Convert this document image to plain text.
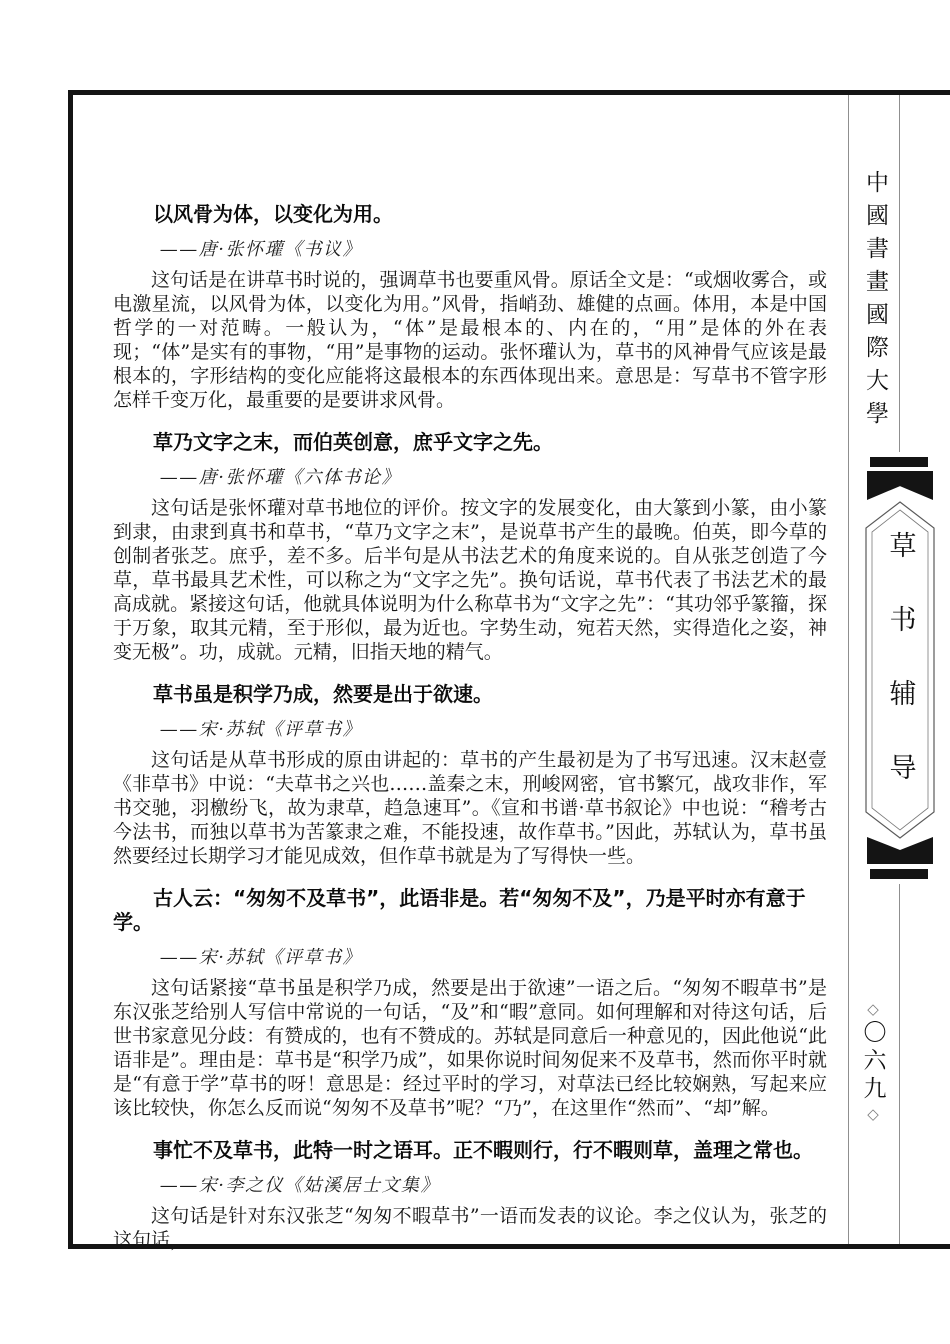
以风骨为体，以变化为用。

——唐·张怀瓘《书议》

这句话是在讲草书时说的，强调草书也要重风骨。原话全文是：“或烟收雾合，或电激星流，以风骨为体，以变化为用。”风骨，指峭劲、雄健的点画。体用，本是中国哲学的一对范畴。一般认为，“体”是最根本的、内在的，“用”是体的外在表现；“体”是实有的事物，“用”是事物的运动。张怀瓘认为，草书的风神骨气应该是最根本的，字形结构的变化应能将这最根本的东西体现出来。意思是：写草书不管字形怎样千变万化，最重要的是要讲求风骨。

草乃文字之末，而伯英创意，庶乎文字之先。

——唐·张怀瓘《六体书论》

这句话是张怀瓘对草书地位的评价。按文字的发展变化，由大篆到小篆，由小篆到隶，由隶到真书和草书，“草乃文字之末”，是说草书产生的最晚。伯英，即今草的创制者张芝。庶乎，差不多。后半句是从书法艺术的角度来说的。自从张芝创造了今草，草书最具艺术性，可以称之为“文字之先”。换句话说，草书代表了书法艺术的最高成就。紧接这句话，他就具体说明为什么称草书为“文字之先”：“其功邻乎篆籀，探于万象，取其元精，至于形似，最为近也。字势生动，宛若天然，实得造化之姿，神变无极”。功，成就。元精，旧指天地的精气。

草书虽是积学乃成，然要是出于欲速。

——宋·苏轼《评草书》

这句话是从草书形成的原由讲起的：草书的产生最初是为了书写迅速。汉末赵壹《非草书》中说：“夫草书之兴也……盖秦之末，刑峻网密，官书繁冗，战攻非作，军书交驰，羽檄纷飞，故为隶草，趋急速耳”。《宣和书谱·草书叙论》中也说：“稽考古今法书，而独以草书为苦篆隶之难，不能投速，故作草书。”因此，苏轼认为，草书虽然要经过长期学习才能见成效，但作草书就是为了写得快一些。

古人云：“匆匆不及草书”，此语非是。若“匆匆不及”，乃是平时亦有意于学。

——宋·苏轼《评草书》

这句话紧接“草书虽是积学乃成，然要是出于欲速”一语之后。“匆匆不暇草书”是东汉张芝给别人写信中常说的一句话，“及”和“暇”意同。如何理解和对待这句话，后世书家意见分歧：有赞成的，也有不赞成的。苏轼是同意后一种意见的，因此他说“此语非是”。理由是：草书是“积学乃成”，如果你说时间匆促来不及草书，然而你平时就是“有意于学”草书的呀！意思是：经过平时的学习，对草法已经比较娴熟，写起来应该比较快，你怎么反而说“匆匆不及草书”呢？“乃”，在这里作“然而”、“却”解。

事忙不及草书，此特一时之语耳。正不暇则行，行不暇则草，盖理之常也。

——宋·李之仪《姑溪居士文集》

这句话是针对东汉张芝“匆匆不暇草书”一语而发表的议论。李之仪认为，张芝的这句话，

中國書畫國際大學
草书辅导
◇
〇六九
◇
